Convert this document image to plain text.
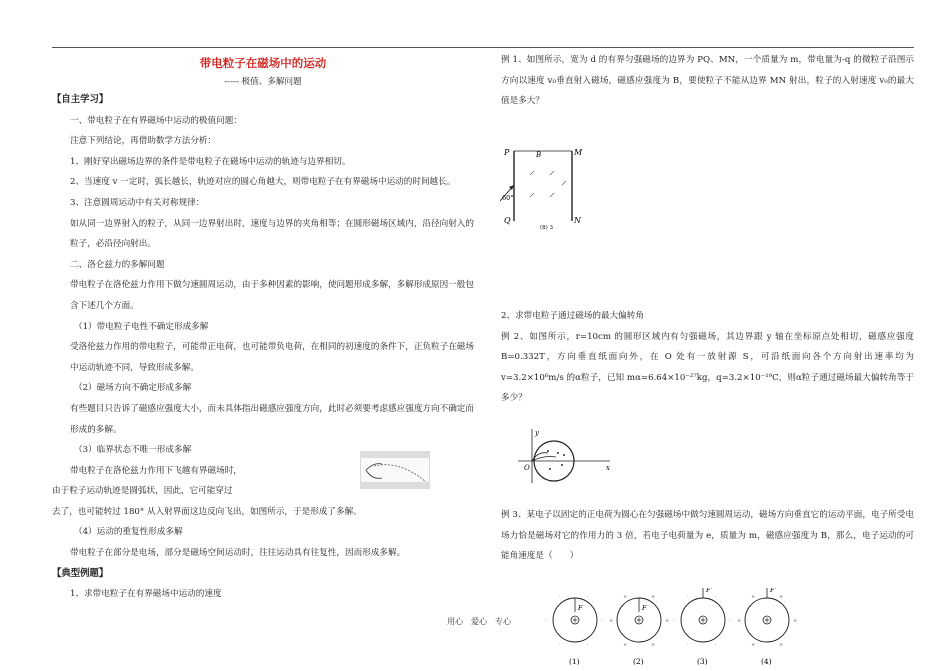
带电粒子在磁场中的运动
----- 极值、多解问题
【自主学习】

一、带电粒子在有界磁场中运动的极值问题：

注意下列结论，再借助数学方法分析：

1、刚好穿出磁场边界的条件是带电粒子在磁场中运动的轨迹与边界相切。

2、当速度 v 一定时，弧长越长，轨迹对应的圆心角越大，则带电粒子在有界磁场中运动的时间越长。

3、注意圆周运动中有关对称规律：

如从同一边界射入的粒子，从同一边界射出时，速度与边界的夹角相等；在圆形磁场区域内，沿径向射入的粒子，必沿径向射出。

二、洛仑兹力的多解问题

带电粒子在洛伦兹力作用下做匀速圆周运动，由于多种因素的影响，使问题形成多解，多解形成原因一般包含下述几个方面。

（1）带电粒子电性不确定形成多解

受洛伦兹力作用的带电粒子，可能带正电荷，也可能带负电荷，在相同的初速度的条件下，正负粒子在磁场中运动轨迹不同，导致形成多解。

（2）磁场方向不确定形成多解

有些题目只告诉了磁感应强度大小，而未具体指出磁感应强度方向，此时必须要考虑感应强度方向不确定而形成的多解。

（3）临界状态不唯一形成多解

带电粒子在洛伦兹力作用下飞越有界磁场时，

由于粒子运动轨迹是圆弧状，因此，它可能穿过

去了，也可能转过 180° 从入射界面这边反向飞出，如图所示，于是形成了多解。

（4）运动的重复性形成多解

带电粒子在部分是电场，部分是磁场空间运动时，往往运动具有往复性，因而形成多解。

【典型例题】

1、求带电粒子在有界磁场中运动的速度

例 1、如图所示，宽为 d 的有界匀强磁场的边界为 PQ、MN，一个质量为 m，带电量为-q 的微粒子沿图示方向以速度 v₀垂直射入磁场，磁感应强度为 B，要使粒子不能从边界 MN 射出，粒子的入射速度 v₀的最大值是多大？

P	M
Q	N
B
60°
(8) 3

2、求带电粒子通过磁场的最大偏转角

例 2、如图所示，r=10cm 的圆形区域内有匀强磁场，其边界跟 y 轴在坐标原点处相切，磁感应强度 B=0.332T，方向垂直纸面向外，在 O 处有一放射源 S，可沿纸面向各个方向射出速率均为 v=3.2×10⁶m/s 的α粒子，已知 mα=6.64×10⁻²⁷kg，q=3.2×10⁻¹⁹C，则α粒子通过磁场最大偏转角等于多少？

y
x
O

例 3、某电子以固定的正电荷为圆心在匀强磁场中做匀速圆周运动，磁场方向垂直它的运动平面，电子所受电场力恰是磁场对它的作用力的 3 倍，若电子电荷量为 e，质量为 m，磁感应强度为 B，那么，电子运动的可能角速度是（　　）

F
·
·
·
·
·	·
(1)
F
×
×
×
×
×	×
(2)
F'
·
·
·
·
·	·
(3)
F'
×
×
×
×
×	×
(4)
用心　爱心　专心
